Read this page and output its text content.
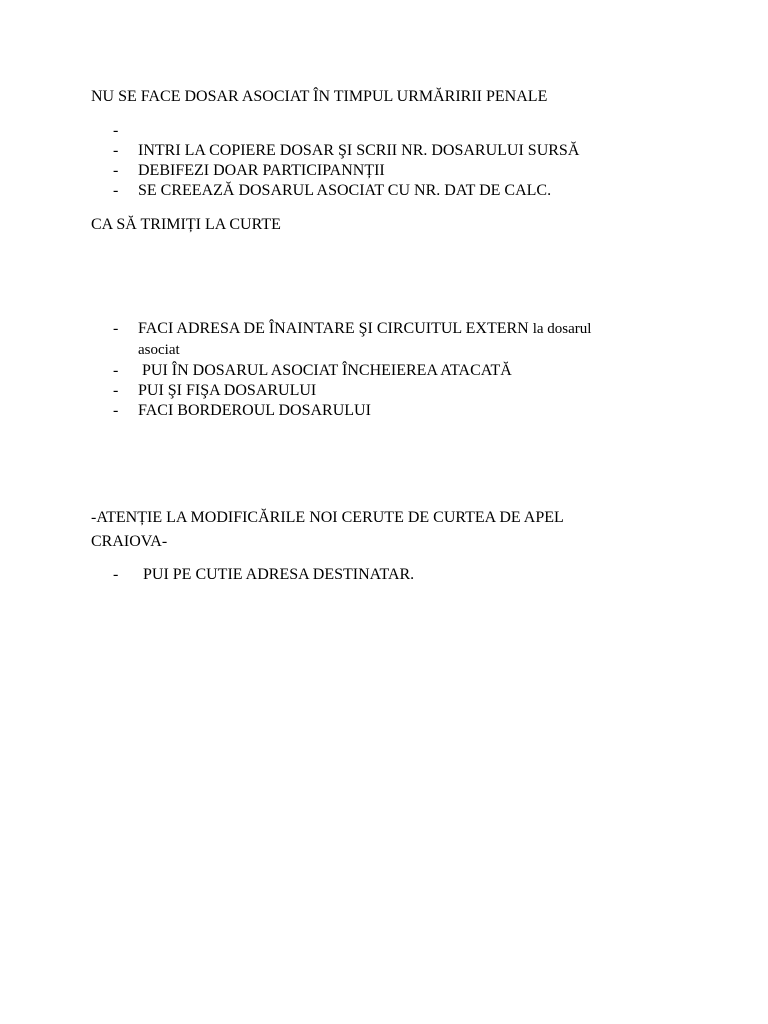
NU SE FACE DOSAR ASOCIAT ÎN TIMPUL URMĂRIRII PENALE

-
- INTRI LA COPIERE DOSAR ŞI SCRII NR. DOSARULUI SURSĂ
- DEBIFEZI DOAR PARTICIPANNȚII
- SE CREEAZĂ DOSARUL ASOCIAT CU NR. DAT DE CALC.

CA SĂ TRIMIȚI LA CURTE

- FACI ADRESA DE ÎNAINTARE ŞI CIRCUITUL EXTERN la dosarul
asociat
- PUI ÎN DOSARUL ASOCIAT ÎNCHEIEREA ATACATĂ
- PUI ŞI FIŞA DOSARULUI
- FACI BORDEROUL DOSARULUI

-ATENȚIE LA MODIFICĂRILE NOI CERUTE DE CURTEA DE APEL
CRAIOVA-

- PUI PE CUTIE ADRESA DESTINATAR.
